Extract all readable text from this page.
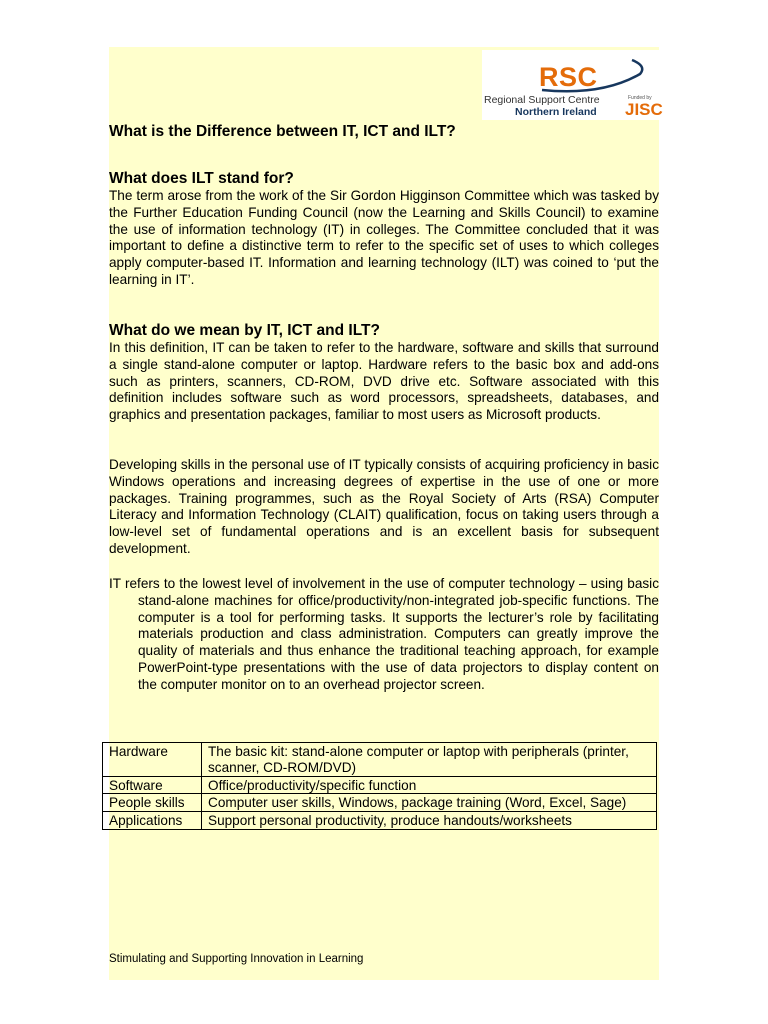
RSC
Regional Support Centre
Northern Ireland
Funded by
JISC
What is the Difference between IT, ICT and ILT?
What does ILT stand for?
The term arose from the work of the Sir Gordon Higginson Committee which was tasked by the Further Education Funding Council (now the Learning and Skills Council) to examine the use of information technology (IT) in colleges. The Committee concluded that it was important to define a distinctive term to refer to the specific set of uses to which colleges apply computer-based IT. Information and learning technology (ILT) was coined to ‘put the learning in IT’.
What do we mean by IT, ICT and ILT?
In this definition, IT can be taken to refer to the hardware, software and skills that surround a single stand-alone computer or laptop. Hardware refers to the basic box and add-ons such as printers, scanners, CD-ROM, DVD drive etc. Software associated with this definition includes software such as word processors, spreadsheets, databases, and graphics and presentation packages, familiar to most users as Microsoft products.
Developing skills in the personal use of IT typically consists of acquiring proficiency in basic Windows operations and increasing degrees of expertise in the use of one or more packages. Training programmes, such as the Royal Society of Arts (RSA) Computer Literacy and Information Technology (CLAIT) qualification, focus on taking users through a low-level set of fundamental operations and is an excellent basis for subsequent development.
IT refers to the lowest level of involvement in the use of computer technology – using basic stand-alone machines for office/productivity/non-integrated job-specific functions. The computer is a tool for performing tasks. It supports the lecturer’s role by facilitating materials production and class administration. Computers can greatly improve the quality of materials and thus enhance the traditional teaching approach, for example PowerPoint-type presentations with the use of data projectors to display content on the computer monitor on to an overhead projector screen.
Hardware	The basic kit: stand-alone computer or laptop with peripherals (printer, scanner, CD-ROM/DVD)
Software	Office/productivity/specific function
People skills	Computer user skills, Windows, package training (Word, Excel, Sage)
Applications	Support personal productivity, produce handouts/worksheets
Stimulating and Supporting Innovation in Learning
